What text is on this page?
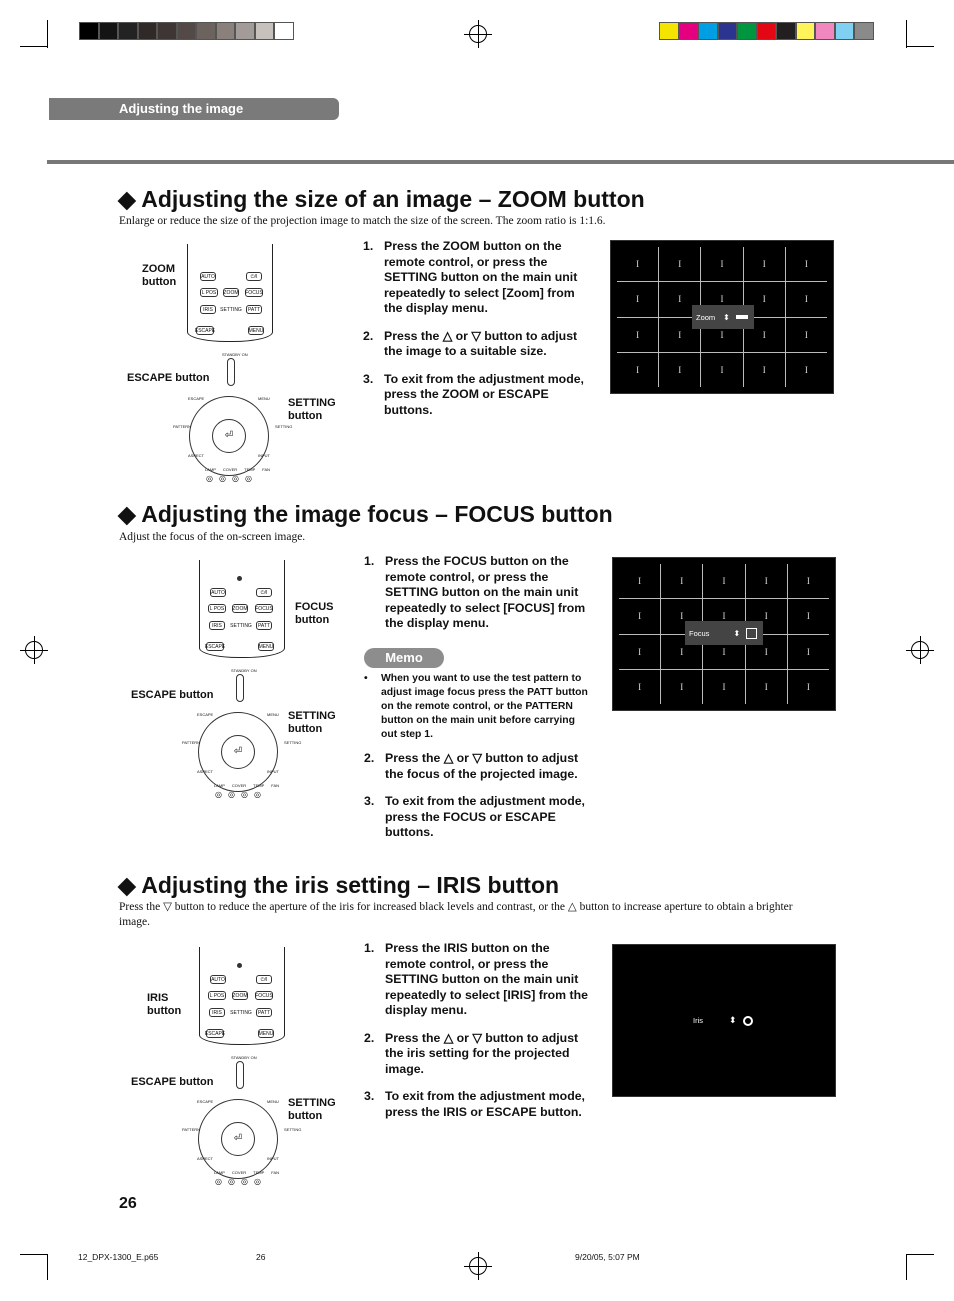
Adjusting the image
◆ Adjusting the size of an image – ZOOM button
Enlarge or reduce the size of the projection image to match the size of the screen. The zoom ratio is 1:1.6.
AUTO	⏻/I
L POS	ZOOM FOCUS
IRIS	SETTING	PATT
ESCAPE	MENU
STANDBY ON
⏎
ESCAPE	MENU
PATTERN	SETTING
ASPECT	INPUT
LAMP COVER TEMP FAN
◎◎◎◎
ZOOM
button
ESCAPE button
SETTING
button
1. Press the ZOOM button on the remote control, or press the SETTING button on the main unit repeatedly to select [Zoom] from the display menu.
2. Press the △ or ▽ button to adjust the image to a suitable size.
3. To exit from the adjustment mode, press the ZOOM or ESCAPE buttons.
I	I	I	I	I
I	I	I	I	I
I	I	I	I	I
I	I	I	I	I
Zoom ⬍
◆ Adjusting the image focus – FOCUS button
Adjust the focus of the on-screen image.
AUTO	⏻/I
L POS	ZOOM FOCUS
IRIS	SETTING	PATT
ESCAPE	MENU
STANDBY ON
⏎
ESCAPE	MENU
PATTERN	SETTING
ASPECT	INPUT
LAMP COVER TEMP FAN
◎◎◎◎
FOCUS
button
ESCAPE button
SETTING
button
1. Press the FOCUS button on the remote control, or press the SETTING button on the main unit repeatedly to select [FOCUS] from the display menu.
Memo
•	When you want to use the test pattern to adjust image focus press the PATT button on the remote control, or the PATTERN button on the main unit before carrying out step 1.
2. Press the △ or ▽ button to adjust the focus of the projected image.
3. To exit from the adjustment mode, press the FOCUS or ESCAPE buttons.
I	I	I	I	I
I	I	I	I	I
I	I	I	I	I
I	I	I	I	I
Focus	⬍
◆ Adjusting the iris setting – IRIS button
Press the ▽ button to reduce the aperture of the iris for increased black levels and contrast, or the △ button to increase aperture to obtain a brighter image.
AUTO	⏻/I
L POS	ZOOM FOCUS
IRIS	SETTING	PATT
ESCAPE	MENU
STANDBY ON
⏎
ESCAPE	MENU
PATTERN	SETTING
ASPECT	INPUT
LAMP COVER TEMP FAN
◎◎◎◎
IRIS
button
ESCAPE button
SETTING
button
1. Press the IRIS button on the remote control, or press the SETTING button on the main unit repeatedly to select [IRIS] from the display menu.
2. Press the △ or ▽ button to adjust the iris setting for the projected image.
3. To exit from the adjustment mode, press the IRIS or ESCAPE button.
Iris	⬍
26
12_DPX-1300_E.p65	26	9/20/05, 5:07 PM
